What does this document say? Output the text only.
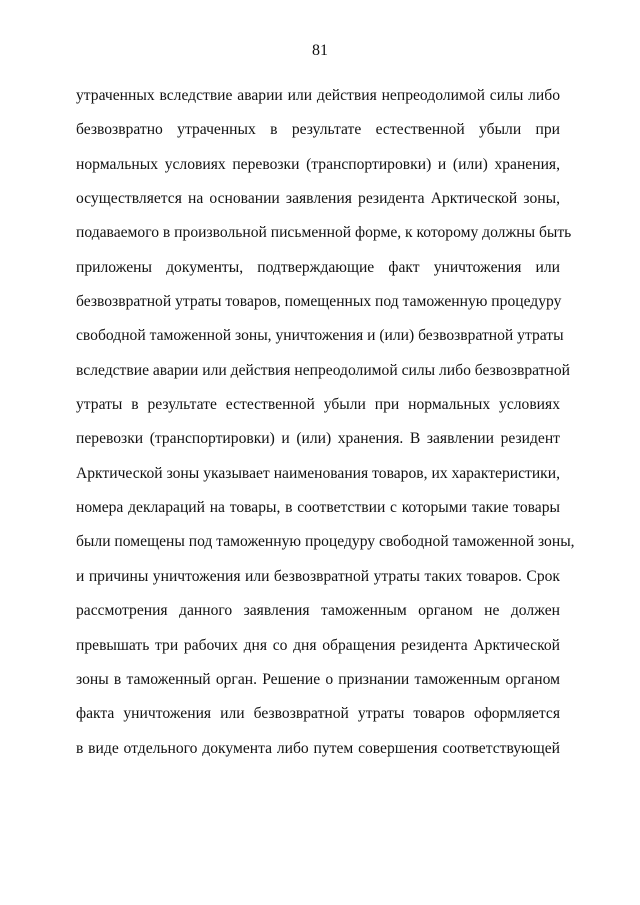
81
утраченных вследствие аварии или действия непреодолимой силы либо
безвозвратно утраченных в результате естественной убыли при
нормальных условиях перевозки (транспортировки) и (или) хранения,
осуществляется на основании заявления резидента Арктической зоны,
подаваемого в произвольной письменной форме, к которому должны быть
приложены документы, подтверждающие факт уничтожения или
безвозвратной утраты товаров, помещенных под таможенную процедуру
свободной таможенной зоны, уничтожения и (или) безвозвратной утраты
вследствие аварии или действия непреодолимой силы либо безвозвратной
утраты в результате естественной убыли при нормальных условиях
перевозки (транспортировки) и (или) хранения. В заявлении резидент
Арктической зоны указывает наименования товаров, их характеристики,
номера деклараций на товары, в соответствии с которыми такие товары
были помещены под таможенную процедуру свободной таможенной зоны,
и причины уничтожения или безвозвратной утраты таких товаров. Срок
рассмотрения данного заявления таможенным органом не должен
превышать три рабочих дня со дня обращения резидента Арктической
зоны в таможенный орган. Решение о признании таможенным органом
факта уничтожения или безвозвратной утраты товаров оформляется
в виде отдельного документа либо путем совершения соответствующей
